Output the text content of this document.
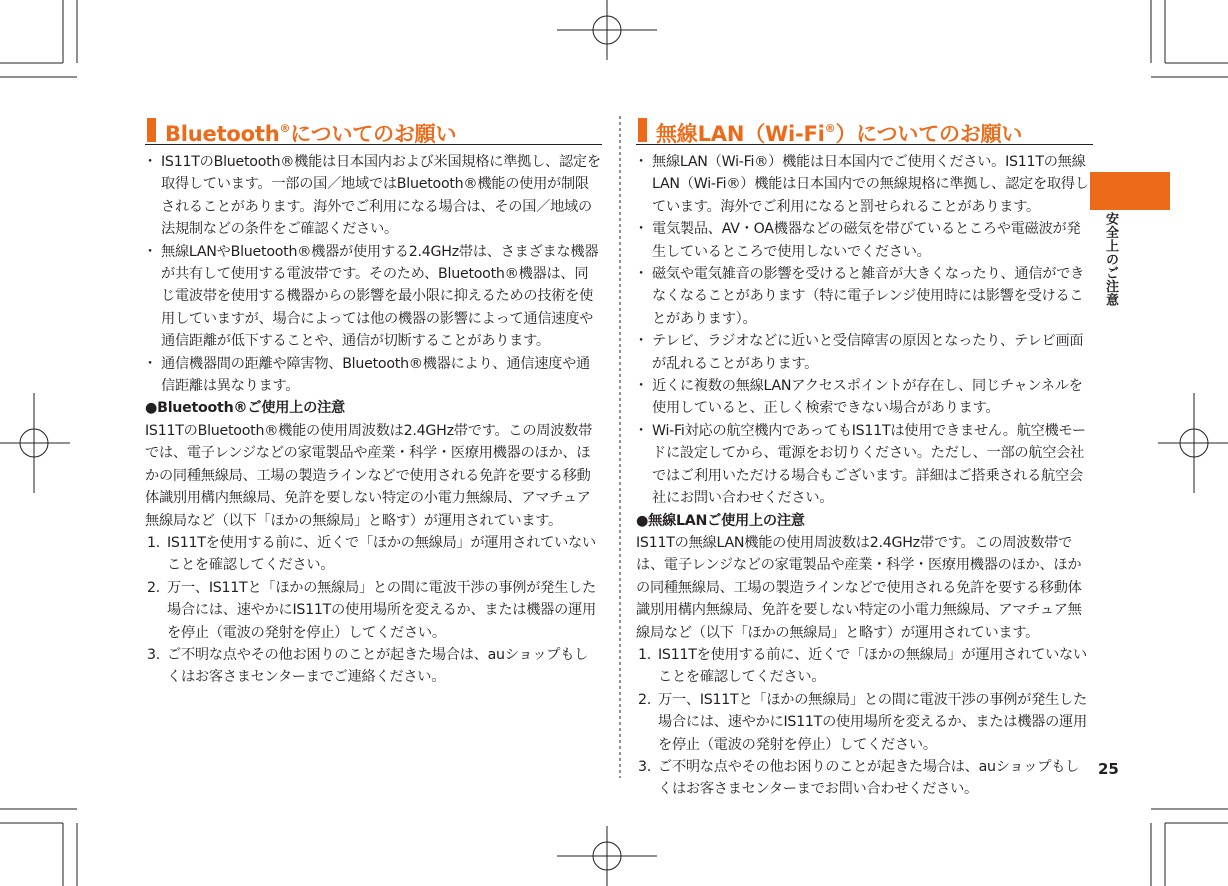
Bluetooth®についてのお願い
・ IS11TのBluetooth®機能は日本国内および米国規格に準拠し、認定を取得しています。一部の国／地域ではBluetooth®機能の使用が制限されることがあります。海外でご利用になる場合は、その国／地域の法規制などの条件をご確認ください。
・ 無線LANやBluetooth®機器が使用する2.4GHz帯は、さまざまな機器が共有して使用する電波帯です。そのため、Bluetooth®機器は、同じ電波帯を使用する機器からの影響を最小限に抑えるための技術を使用していますが、場合によっては他の機器の影響によって通信速度や通信距離が低下することや、通信が切断することがあります。
・ 通信機器間の距離や障害物、Bluetooth®機器により、通信速度や通信距離は異なります。
●Bluetooth®ご使用上の注意
IS11TのBluetooth®機能の使用周波数は2.4GHz帯です。この周波数帯では、電子レンジなどの家電製品や産業・科学・医療用機器のほか、ほかの同種無線局、工場の製造ラインなどで使用される免許を要する移動体識別用構内無線局、免許を要しない特定の小電力無線局、アマチュア無線局など（以下「ほかの無線局」と略す）が運用されています。
1. IS11Tを使用する前に、近くで「ほかの無線局」が運用されていないことを確認してください。
2. 万一、IS11Tと「ほかの無線局」との間に電波干渉の事例が発生した場合には、速やかにIS11Tの使用場所を変えるか、または機器の運用を停止（電波の発射を停止）してください。
3. ご不明な点やその他お困りのことが起きた場合は、auショップもしくはお客さまセンターまでご連絡ください。
無線LAN（Wi-Fi®）についてのお願い
・ 無線LAN（Wi-Fi®）機能は日本国内でご使用ください。IS11Tの無線LAN（Wi-Fi®）機能は日本国内での無線規格に準拠し、認定を取得しています。海外でご利用になると罰せられることがあります。
・ 電気製品、AV・OA機器などの磁気を帯びているところや電磁波が発生しているところで使用しないでください。
・ 磁気や電気雑音の影響を受けると雑音が大きくなったり、通信ができなくなることがあります（特に電子レンジ使用時には影響を受けることがあります）。
・ テレビ、ラジオなどに近いと受信障害の原因となったり、テレビ画面が乱れることがあります。
・ 近くに複数の無線LANアクセスポイントが存在し、同じチャンネルを使用していると、正しく検索できない場合があります。
・ Wi-Fi対応の航空機内であってもIS11Tは使用できません。航空機モードに設定してから、電源をお切りください。ただし、一部の航空会社ではご利用いただける場合もございます。詳細はご搭乗される航空会社にお問い合わせください。
●無線LANご使用上の注意
IS11Tの無線LAN機能の使用周波数は2.4GHz帯です。この周波数帯では、電子レンジなどの家電製品や産業・科学・医療用機器のほか、ほかの同種無線局、工場の製造ラインなどで使用される免許を要する移動体識別用構内無線局、免許を要しない特定の小電力無線局、アマチュア無線局など（以下「ほかの無線局」と略す）が運用されています。
1. IS11Tを使用する前に、近くで「ほかの無線局」が運用されていないことを確認してください。
2. 万一、IS11Tと「ほかの無線局」との間に電波干渉の事例が発生した場合には、速やかにIS11Tの使用場所を変えるか、または機器の運用を停止（電波の発射を停止）してください。
3. ご不明な点やその他お困りのことが起きた場合は、auショップもしくはお客さまセンターまでお問い合わせください。
安全上のご注意
25
